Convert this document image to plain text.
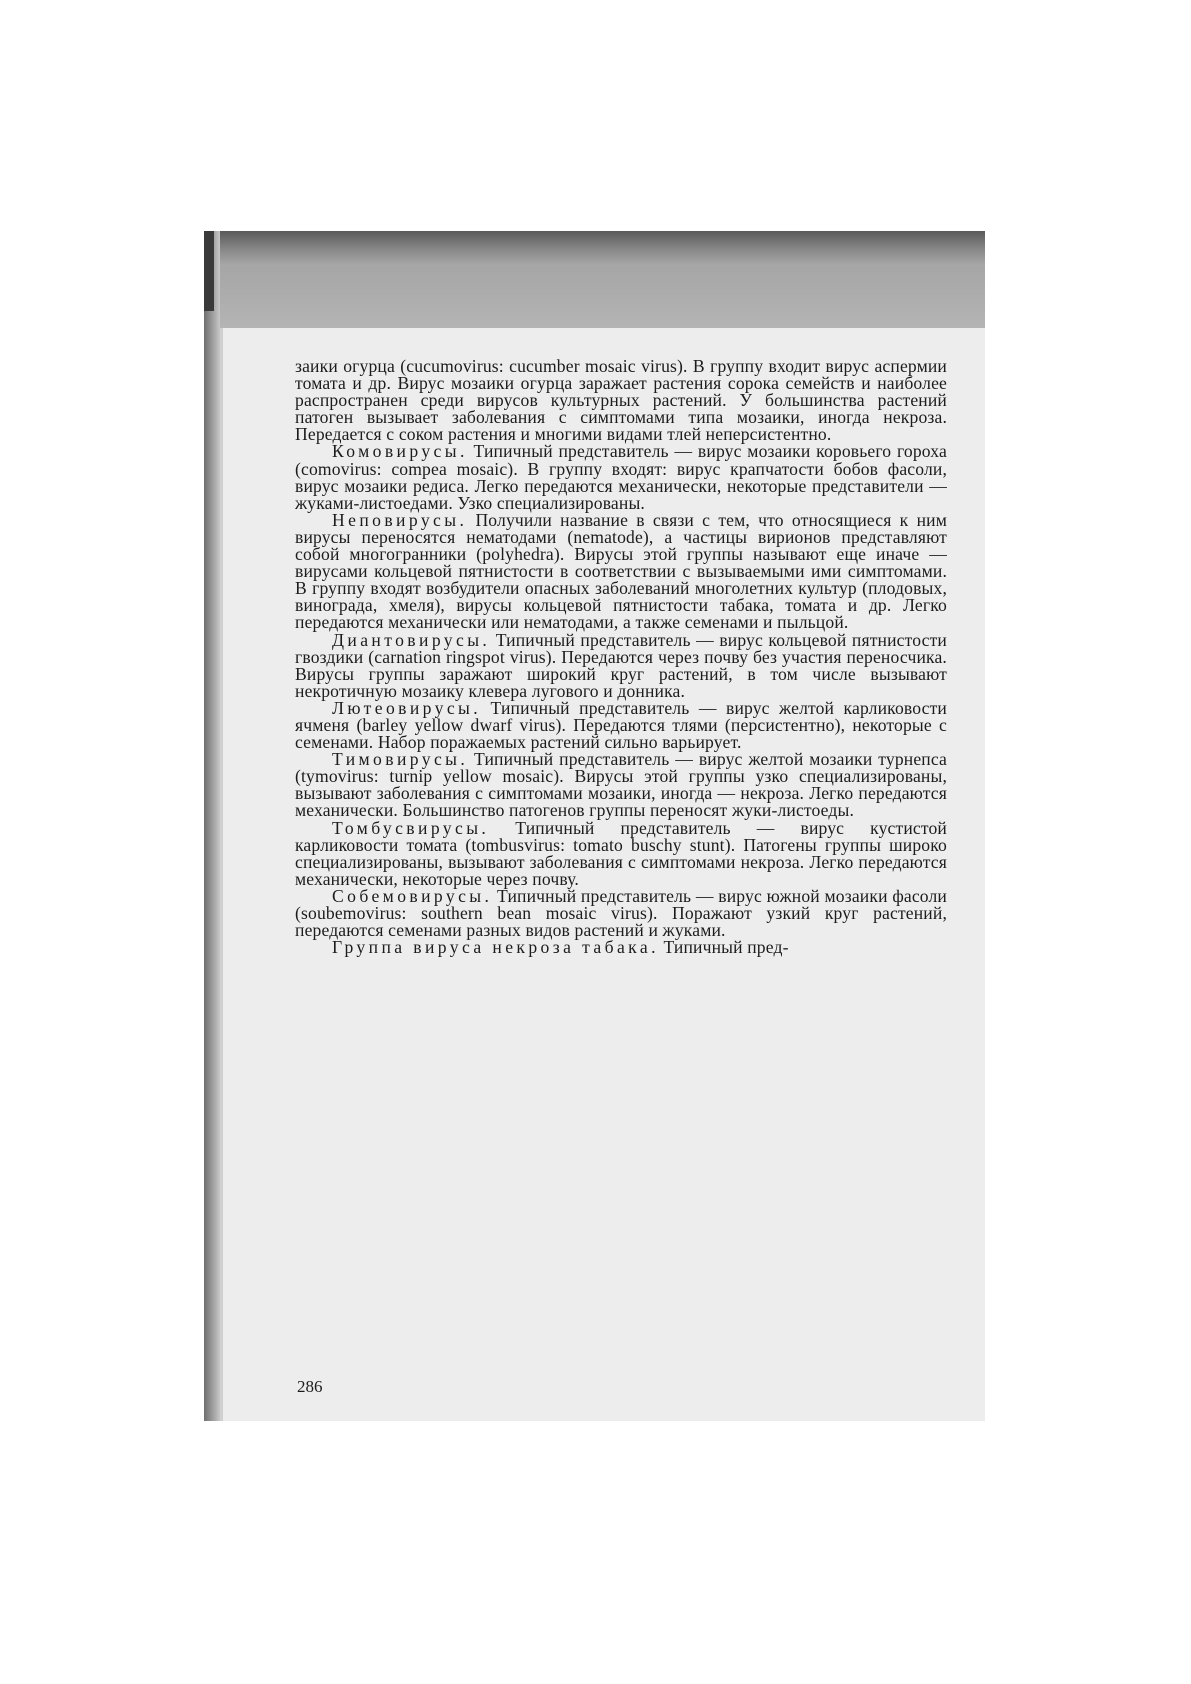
заики огурца (cucumovirus: cucumber mosaic virus). В группу входит вирус аспермии томата и др. Вирус мозаики огурца заражает растения сорока семейств и наиболее распространен среди вирусов культурных растений. У большинства растений патоген вызывает заболевания с симптомами типа мозаики, иногда некроза. Передается с соком растения и многими видами тлей неперсистентно.

Комовирусы. Типичный представитель — вирус мозаики коровьего гороха (comovirus: compea mosaic). В группу входят: вирус крапчатости бобов фасоли, вирус мозаики редиса. Легко передаются механически, некоторые представители — жуками-листоедами. Узко специализированы.

Неповирусы. Получили название в связи с тем, что относящиеся к ним вирусы переносятся нематодами (nematode), а частицы вирионов представляют собой многогранники (polyhedra). Вирусы этой группы называют еще иначе — вирусами кольцевой пятнистости в соответствии с вызываемыми ими симптомами. В группу входят возбудители опасных заболеваний многолетних культур (плодовых, винограда, хмеля), вирусы кольцевой пятнистости табака, томата и др. Легко передаются механически или нематодами, а также семенами и пыльцой.

Диантовирусы. Типичный представитель — вирус кольцевой пятнистости гвоздики (carnation ringspot virus). Передаются через почву без участия переносчика. Вирусы группы заражают широкий круг растений, в том числе вызывают некротичную мозаику клевера лугового и донника.

Лютеовирусы. Типичный представитель — вирус желтой карликовости ячменя (barley yellow dwarf virus). Передаются тлями (персистентно), некоторые с семенами. Набор поражаемых растений сильно варьирует.

Тимовирусы. Типичный представитель — вирус желтой мозаики турнепса (tymovirus: turnip yellow mosaic). Вирусы этой группы узко специализированы, вызывают заболевания с симптомами мозаики, иногда — некроза. Легко передаются механически. Большинство патогенов группы переносят жуки-листоеды.

Томбусвирусы. Типичный представитель — вирус кустистой карликовости томата (tombusvirus: tomato buschy stunt). Патогены группы широко специализированы, вызывают заболевания с симптомами некроза. Легко передаются механически, некоторые через почву.

Собемовирусы. Типичный представитель — вирус южной мозаики фасоли (soubemovirus: southern bean mosaic virus). Поражают узкий круг растений, передаются семенами разных видов растений и жуками.

Группа вируса некроза табака. Типичный пред-

286
